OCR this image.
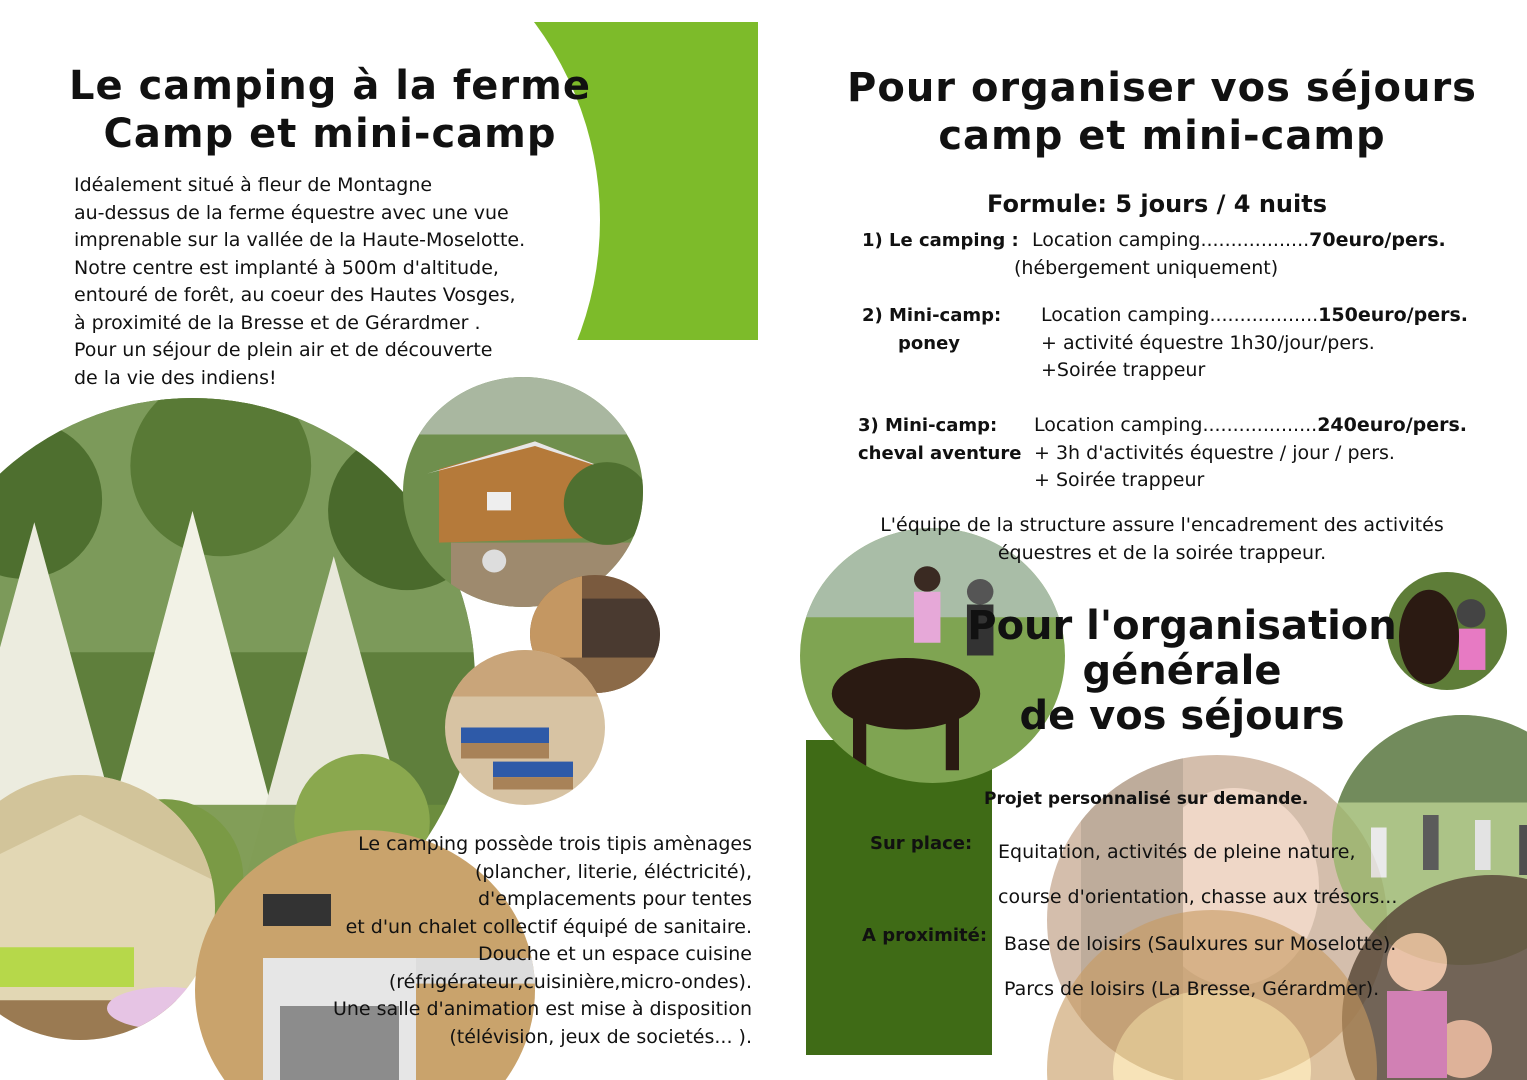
Le camping à la ferme
Camp et mini-camp
Idéalement situé à fleur de Montagne
au-dessus de la ferme équestre avec une vue
imprenable sur la vallée de la Haute-Moselotte.
Notre centre est implanté à 500m d'altitude,
entouré de forêt, au coeur des Hautes Vosges,
à proximité de la Bresse et de Gérardmer .
Pour un séjour de plein air et de découverte
de la vie des indiens!
Le camping possède trois tipis amènages
(plancher, literie, éléctricité),
d'emplacements pour tentes
et d'un chalet collectif équipé de sanitaire.
Douche et un espace cuisine
(réfrigérateur,cuisinière,micro-ondes).
Une salle d'animation est mise à disposition
(télévision, jeux de societés... ).
Pour organiser vos séjours
camp et mini-camp
Formule: 5 jours / 4 nuits
1) Le camping : Location camping..................70euro/pers.
(hébergement uniquement)
2) Mini-camp:
poney
Location camping..................150euro/pers.
+ activité équestre 1h30/jour/pers.
+Soirée trappeur
3) Mini-camp:
cheval aventure
Location camping...................240euro/pers.
+ 3h d'activités équestre / jour / pers.
+ Soirée trappeur
L'équipe de la structure assure l'encadrement des activités
équestres et de la soirée trappeur.
Pour l'organisation
générale
de vos séjours
Projet personnalisé sur demande.
Sur place: Equitation, activités de pleine nature,
course d'orientation, chasse aux trésors...
A proximité: Base de loisirs (Saulxures sur Moselotte).
Parcs de loisirs (La Bresse, Gérardmer).
